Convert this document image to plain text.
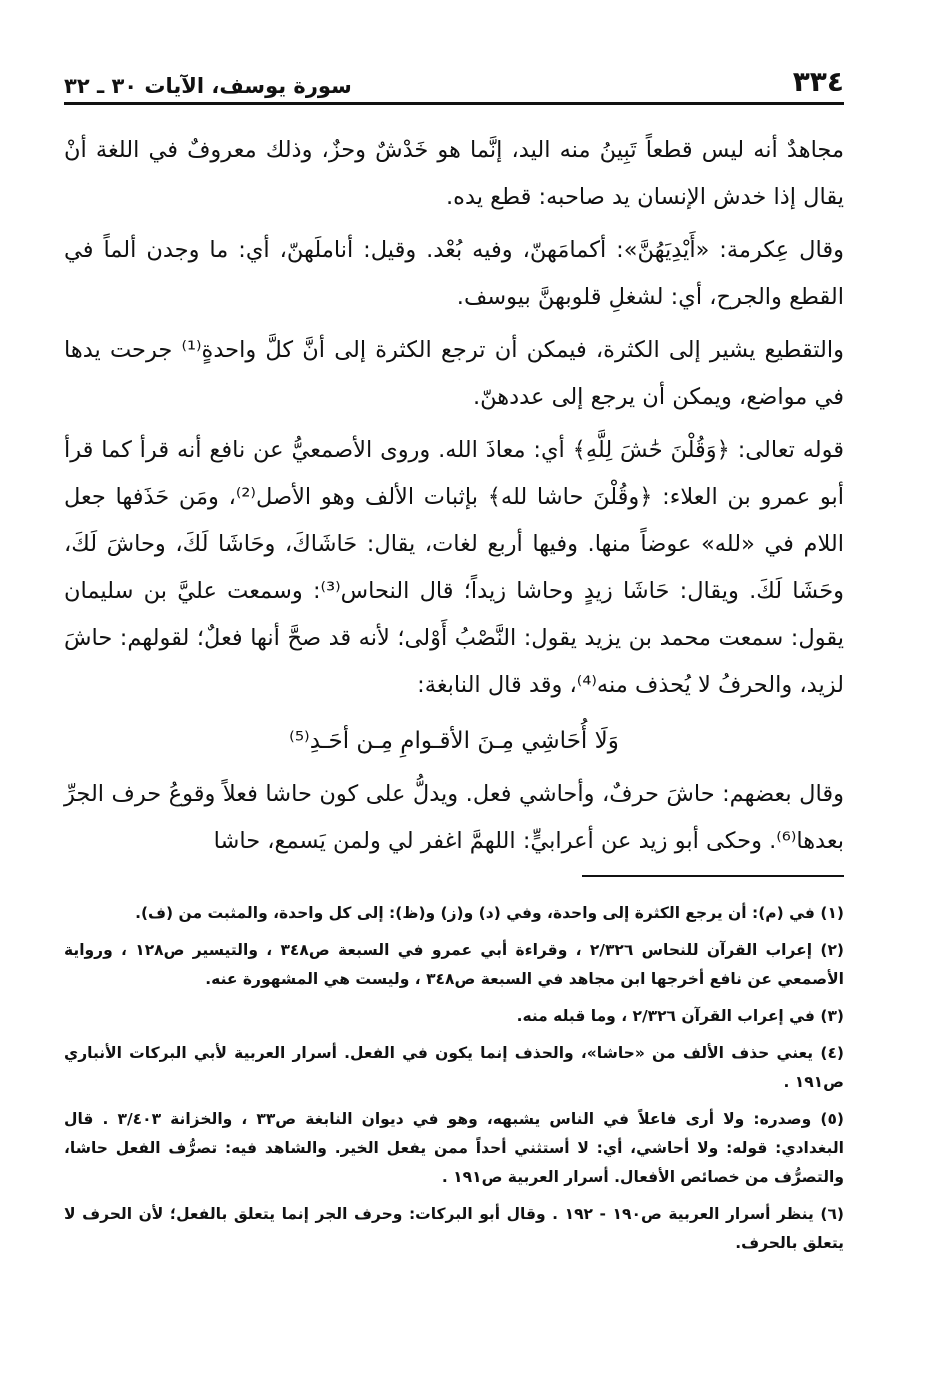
٣٣٤
سورة يوسف، الآيات ٣٠ ـ ٣٢

مجاهدٌ أنه ليس قطعاً تَبِينُ منه اليد، إنَّما هو خَدْشٌ وحزٌ، وذلك معروفٌ في اللغة أنْ يقال إذا خدش الإنسان يد صاحبه: قطع يده.

وقال عِكرمة: «أَيْدِيَهُنَّ»: أكمامَهنّ، وفيه بُعْد. وقيل: أناملَهنّ، أي: ما وجدن ألماً في القطع والجرح، أي: لشغلِ قلوبهنَّ بيوسف.

والتقطيع يشير إلى الكثرة، فيمكن أن ترجع الكثرة إلى أنَّ كلَّ واحدةٍ⁽¹⁾ جرحت يدها في مواضع، ويمكن أن يرجع إلى عددهنّ.

قوله تعالى: ﴿وَقُلْنَ حَٰشَ لِلَّهِ﴾ أي: معاذَ الله. وروى الأصمعيُّ عن نافع أنه قرأ كما قرأ أبو عمرو بن العلاء: ﴿وقُلْنَ حاشا لله﴾ بإثبات الألف وهو الأصل⁽²⁾، ومَن حَذَفها جعل اللام في «لله» عوضاً منها. وفيها أربع لغات، يقال: حَاشَاكَ، وحَاشَا لَكَ، وحاشَ لَكَ، وحَشَا لَكَ. ويقال: حَاشَا زيدٍ وحاشا زيداً؛ قال النحاس⁽³⁾: وسمعت عليَّ بن سليمان يقول: سمعت محمد بن يزيد يقول: النَّصْبُ أَوْلى؛ لأنه قد صحَّ أنها فعلٌ؛ لقولهم: حاشَ لزيد، والحرفُ لا يُحذف منه⁽⁴⁾، وقد قال النابغة:

وَلَا أُحَاشِي مِـنَ الأقـوامِ مِـن أحَـدِ⁽⁵⁾

وقال بعضهم: حاشَ حرفٌ، وأحاشي فعل. ويدلُّ على كون حاشا فعلاً وقوعُ حرف الجرِّ بعدها⁽⁶⁾. وحكى أبو زيد عن أعرابيٍّ: اللهمَّ اغفر لي ولمن يَسمع، حاشا

(١) في (م): أن يرجع الكثرة إلى واحدة، وفي (د) و(ز) و(ظ): إلى كل واحدة، والمثبت من (ف).

(٢) إعراب القرآن للنحاس ٢/٣٢٦ ، وقراءة أبي عمرو في السبعة ص٣٤٨ ، والتيسير ص١٢٨ ، ورواية الأصمعي عن نافع أخرجها ابن مجاهد في السبعة ص٣٤٨ ، وليست هي المشهورة عنه.

(٣) في إعراب القرآن ٢/٣٢٦ ، وما قبله منه.

(٤) يعني حذف الألف من «حاشا»، والحذف إنما يكون في الفعل. أسرار العربية لأبي البركات الأنباري ص١٩١ .

(٥) وصدره: ولا أرى فاعلاً في الناس يشبهه، وهو في ديوان النابغة ص٣٣ ، والخزانة ٣/٤٠٣ . قال البغدادي: قوله: ولا أحاشي، أي: لا أستثني أحداً ممن يفعل الخير. والشاهد فيه: تصرُّف الفعل حاشا، والتصرُّف من خصائص الأفعال. أسرار العربية ص١٩١ .

(٦) ينظر أسرار العربية ص١٩٠ - ١٩٢ . وقال أبو البركات: وحرف الجر إنما يتعلق بالفعل؛ لأن الحرف لا يتعلق بالحرف.
